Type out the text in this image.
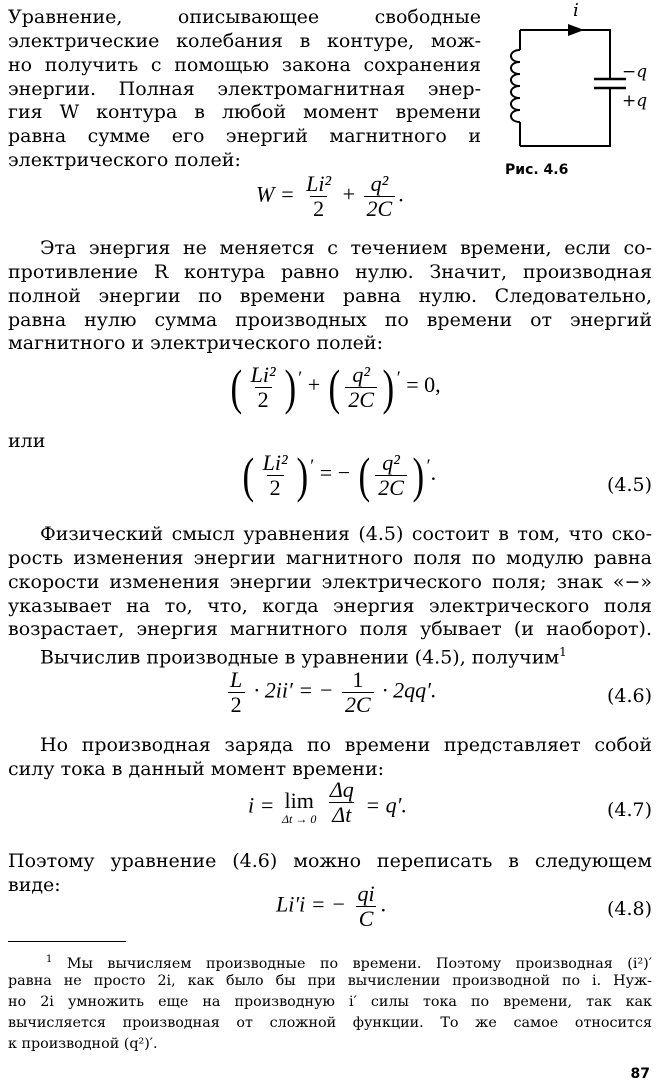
Уравнение, описывающее свободные
электрические колебания в контуре, мож-
но получить с помощью закона сохранения
энергии. Полная электромагнитная энер-
гия W контура в любой момент времени
равна сумме его энергий магнитного и
электрического полей:
i
−q
+q
Рис. 4.6
$W = \frac{\text{Li²}}{2} + \frac{\text{q²}}{2C}$ .
Эта энергия не меняется с течением времени, если со-
противление R контура равно нулю. Значит, производная
полной энергии по времени равна нулю. Следовательно,
равна нулю сумма производных по времени от энергий
магнитного и электрического полей:
( $\frac{\text{Li²}}{2}$ ) ′ + ( $\frac{\text{q²}}{2C}$ ) ′ = 0,
или
( $\frac{\text{Li²}}{2}$ ) ′ = − ( $\frac{\text{q²}}{2C}$ ) ′.	(4.5)
Физический смысл уравнения (4.5) состоит в том, что ско-
рость изменения энергии магнитного поля по модулю равна
скорости изменения энергии электрического поля; знак «−»
указывает на то, что, когда энергия электрического поля
возрастает, энергия магнитного поля убывает (и наоборот).
Вычислив производные в уравнении (4.5), получим$^1$
$\frac{L}{2} \cdot 2ii'$ = − $\frac{1}{2C} \cdot 2qq'$.	(4.6)
Но производная заряда по времени представляет собой
силу тока в данный момент времени:
i = lim
Δt → 0
$\frac{\Delta q}{\Delta t} = q'$.	(4.7)
Поэтому уравнение (4.6) можно переписать в следующем
виде:
Li′i = − $\frac{qi}{C}$ .	(4.8)
$^1$ Мы вычисляем производные по времени. Поэтому производная (i²)′
равна не просто 2i, как было бы при вычислении производной по i. Нуж-
но 2i умножить еще на производную i′ силы тока по времени, так как
вычисляется производная от сложной функции. То же самое относится
к производной (q²)′.
87
